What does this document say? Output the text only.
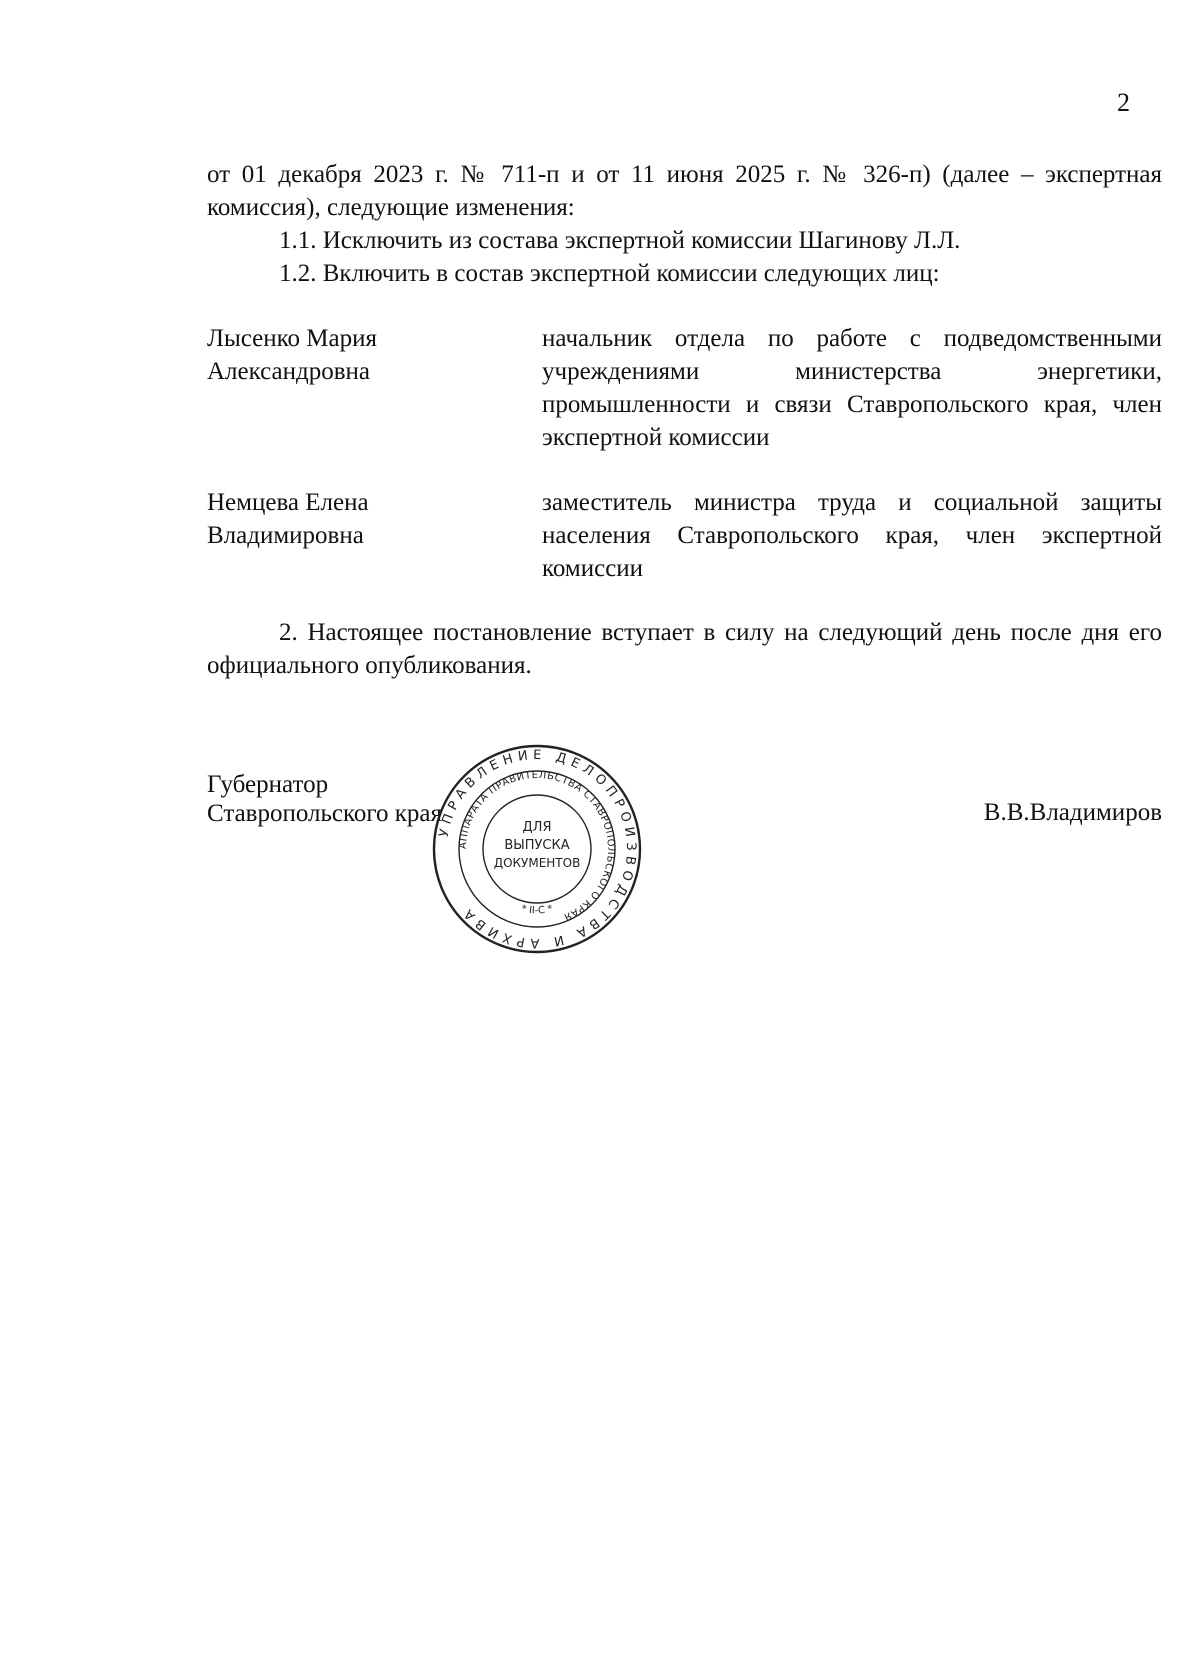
2

от 01 декабря 2023 г. № 711-п и от 11 июня 2025 г. № 326-п) (далее – экспертная комиссия), следующие изменения:

1.1. Исключить из состава экспертной комиссии Шагинову Л.Л.

1.2. Включить в состав экспертной комиссии следующих лиц:

Лысенко Мария
Александровна
начальник отдела по работе с подведомственными учреждениями министерства энергетики, промышленности и связи Ставропольского края, член экспертной комиссии
Немцева Елена
Владимировна
заместитель министра труда и социальной защиты населения Ставропольского края, член экспертной комиссии

2. Настоящее постановление вступает в силу на следующий день после дня его официального опубликования.

Губернатор
Ставропольского края	В.В.Владимиров
УПРАВЛЕНИЕ ДЕЛОПРОИЗВОДСТВА И АРХИВА
АППАРАТА ПРАВИТЕЛЬСТВА СТАВРОПОЛЬСКОГО КРАЯ
* II-С *
ДЛЯ
ВЫПУСКА
ДОКУМЕНТОВ
